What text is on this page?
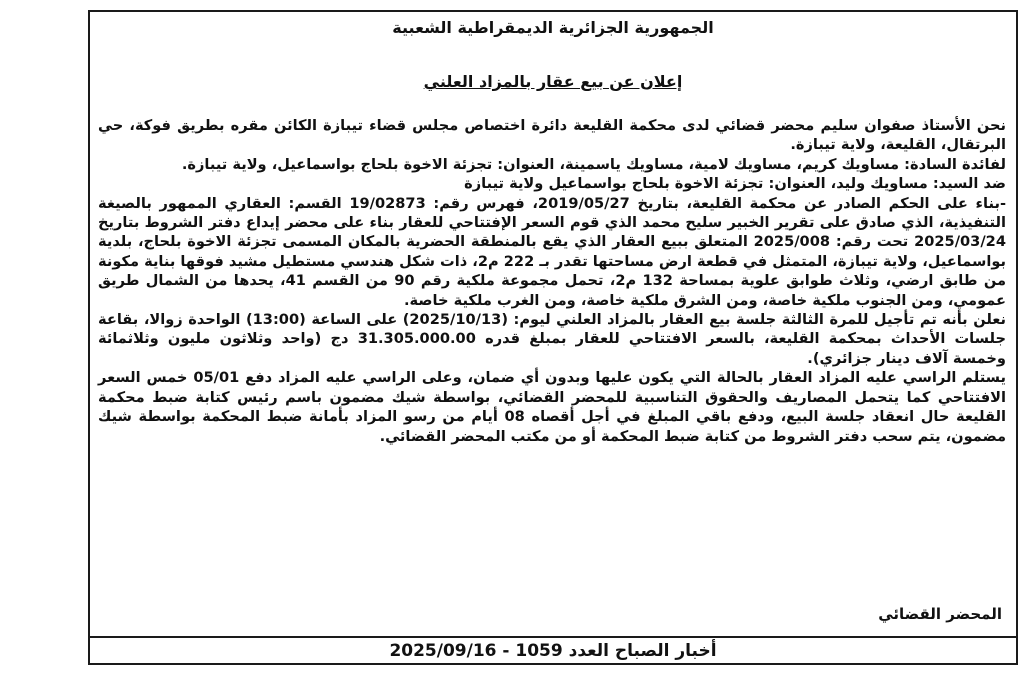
الجمهورية الجزائرية الديمقراطية الشعبية
إعلان عن بيع عقار بالمزاد العلني

نحن الأستاذ صفوان سليم محضر قضائي لدى محكمة القليعة دائرة اختصاص مجلس قضاء تيبازة الكائن مقره بطريق فوكة، حي البرتقال، القليعة، ولاية تيبازة.

لفائدة السادة: مساويك كريم، مساويك لامية، مساويك ياسمينة، العنوان: تجزئة الاخوة بلحاج بواسماعيل، ولاية تيبازة.

ضد السيد: مساويك وليد، العنوان: تجزئة الاخوة بلحاج بواسماعيل ولاية تيبازة

-بناء على الحكم الصادر عن محكمة القليعة، بتاريخ 2019/05/27، فهرس رقم: 19/02873 القسم: العقاري الممهور بالصيغة التنفيذية، الذي صادق على تقرير الخبير سليح محمد الذي قوم السعر الإفتتاحي للعقار بناء على محضر إيداع دفتر الشروط بتاريخ 2025/03/24 تحت رقم: 2025/008 المتعلق ببيع العقار الذي يقع بالمنطقة الحضرية بالمكان المسمى تجزئة الاخوة بلحاج، بلدية بواسماعيل، ولاية تيبازة، المتمثل في قطعة ارض مساحتها تقدر بـ 222 م2، ذات شكل هندسي مستطيل مشيد فوقها بناية مكونة من طابق ارضي، وثلاث طوابق علوية بمساحة 132 م2، تحمل مجموعة ملكية رقم 90 من القسم 41، يحدها من الشمال طريق عمومي، ومن الجنوب ملكية خاصة، ومن الشرق ملكية خاصة، ومن الغرب ملكية خاصة.

نعلن بأنه تم تأجيل للمرة الثالثة جلسة بيع العقار بالمزاد العلني ليوم: (2025/10/13) على الساعة (13:00) الواحدة زوالا، بقاعة جلسات الأحداث بمحكمة القليعة، بالسعر الافتتاحي للعقار بمبلغ قدره 31.305.000.00 دج (واحد وثلاثون مليون وثلاثمائة وخمسة آلاف دينار جزائري).

يستلم الراسي عليه المزاد العقار بالحالة التي يكون عليها وبدون أي ضمان، وعلى الراسي عليه المزاد دفع 05/01 خمس السعر الافتتاحي كما يتحمل المصاريف والحقوق التناسبية للمحضر القضائي، بواسطة شيك مضمون باسم رئيس كتابة ضبط محكمة القليعة حال انعقاد جلسة البيع، ودفع باقي المبلغ في أجل أقصاه 08 أيام من رسو المزاد بأمانة ضبط المحكمة بواسطة شيك مضمون، يتم سحب دفتر الشروط من كتابة ضبط المحكمة أو من مكتب المحضر القضائي.

المحضر القضائي
أخبار الصباح العدد 1059 - 2025/09/16
